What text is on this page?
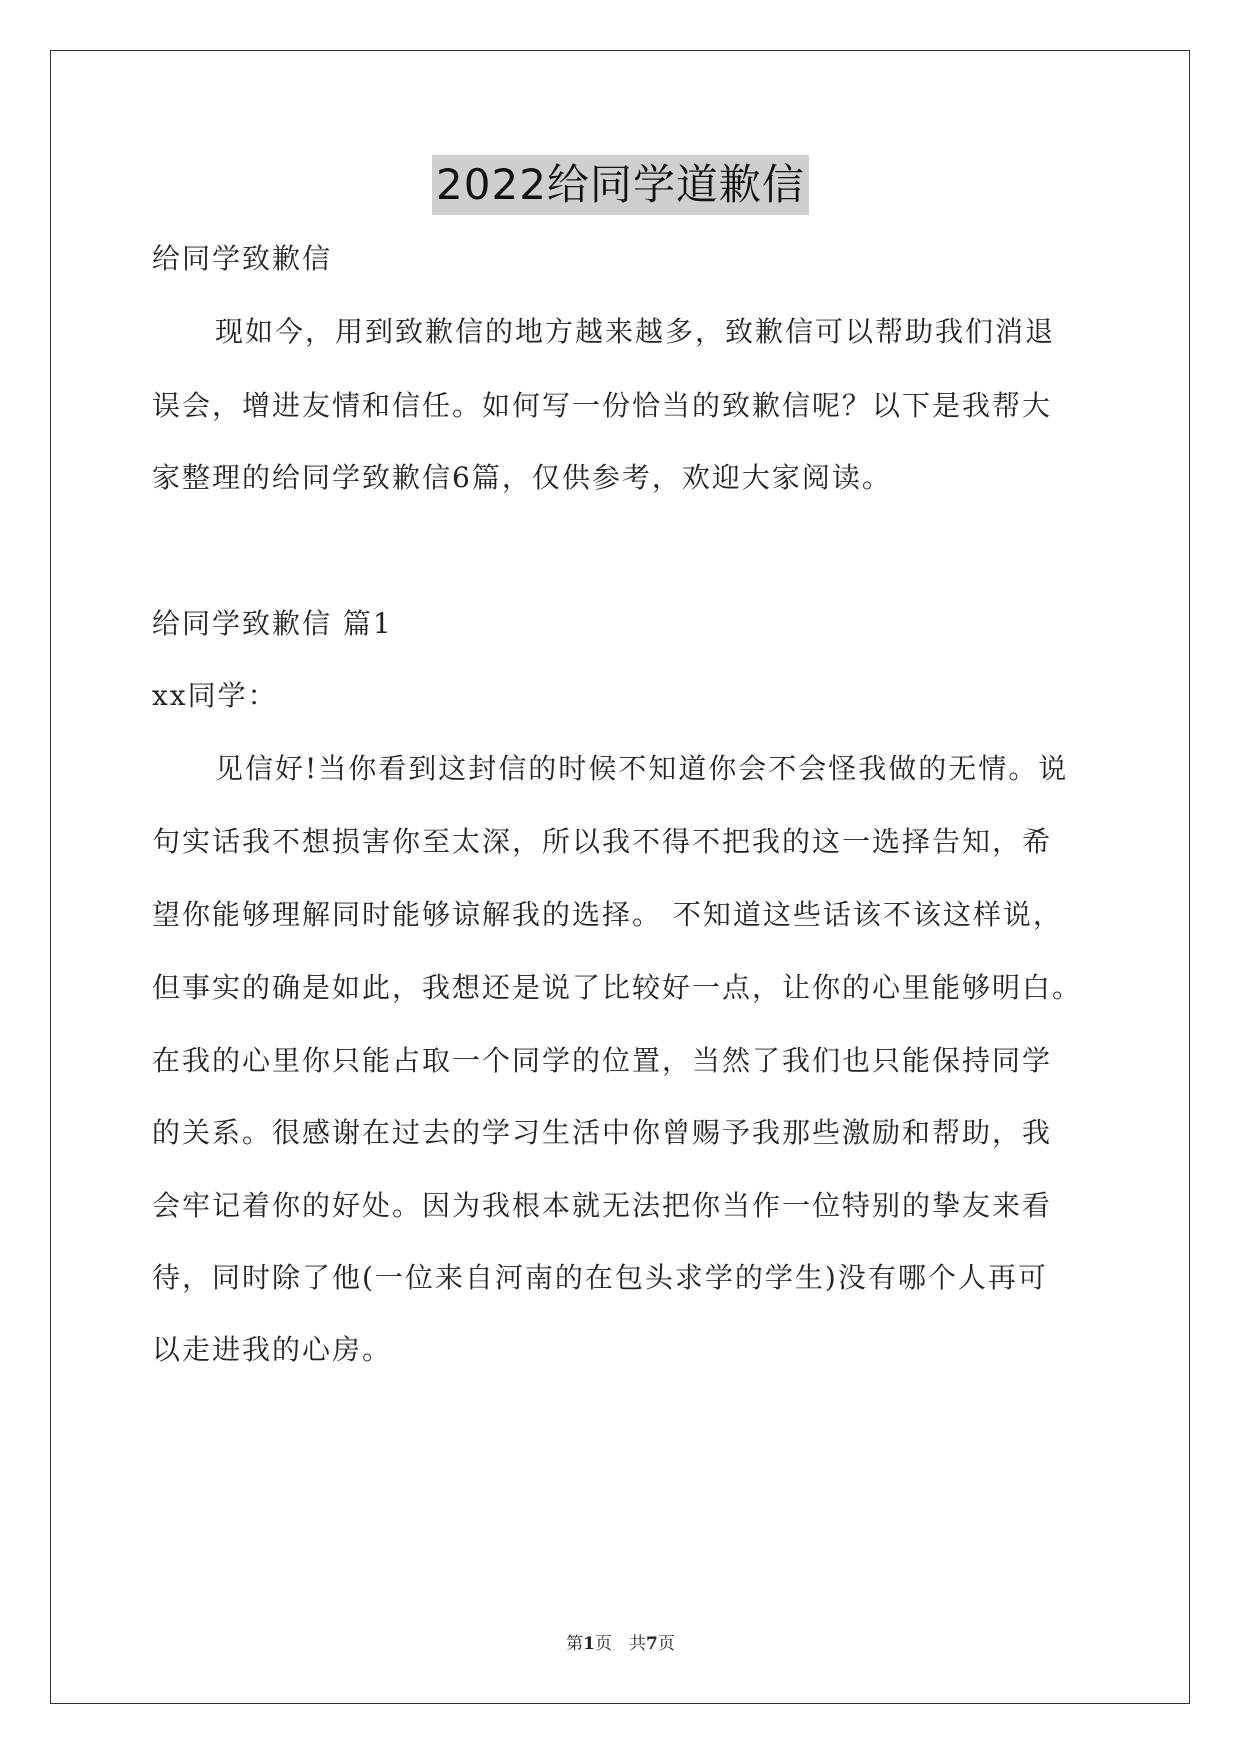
2022给同学道歉信
给同学致歉信
现如今，用到致歉信的地方越来越多，致歉信可以帮助我们消退
误会，增进友情和信任。如何写一份恰当的致歉信呢？以下是我帮大
家整理的给同学致歉信6篇，仅供参考，欢迎大家阅读。
给同学致歉信 篇1
xx同学：
见信好!当你看到这封信的时候不知道你会不会怪我做的无情。说
句实话我不想损害你至太深，所以我不得不把我的这一选择告知，希
望你能够理解同时能够谅解我的选择。 不知道这些话该不该这样说，
但事实的确是如此，我想还是说了比较好一点，让你的心里能够明白。
在我的心里你只能占取一个同学的位置，当然了我们也只能保持同学
的关系。很感谢在过去的学习生活中你曾赐予我那些激励和帮助，我
会牢记着你的好处。因为我根本就无法把你当作一位特别的挚友来看
待，同时除了他(一位来自河南的在包头求学的学生)没有哪个人再可
以走进我的心房。
第1页　共7页
